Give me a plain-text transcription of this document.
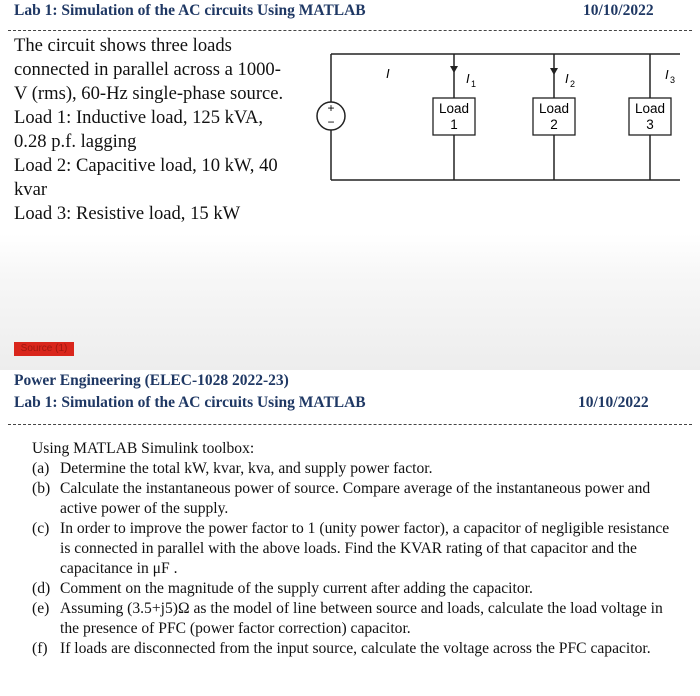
Lab 1: Simulation of the AC circuits Using MATLAB	10/10/2022
The circuit shows three loads
connected in parallel across a 1000-
V (rms), 60-Hz single-phase source.
Load 1: Inductive load, 125 kVA,
0.28 p.f. lagging
Load 2: Capacitive load, 10 kW, 40
kvar
Load 3: Resistive load, 15 kW
+
−
I	I 1	I 2
I 3
Load
1
Load
2
Load
3
Source (1)
Power Engineering (ELEC-1028 2022-23)
Lab 1: Simulation of the AC circuits Using MATLAB	10/10/2022
Using MATLAB Simulink toolbox:
(a) Determine the total kW, kvar, kva, and supply power factor.
(b) Calculate the instantaneous power of source. Compare average of the instantaneous power and active power of the supply.
(c) In order to improve the power factor to 1 (unity power factor), a capacitor of negligible resistance is connected in parallel with the above loads. Find the KVAR rating of that capacitor and the capacitance in μF .
(d) Comment on the magnitude of the supply current after adding the capacitor.
(e) Assuming (3.5+j5)Ω as the model of line between source and loads, calculate the load voltage in the presence of PFC (power factor correction) capacitor.
(f) If loads are disconnected from the input source, calculate the voltage across the PFC capacitor.
